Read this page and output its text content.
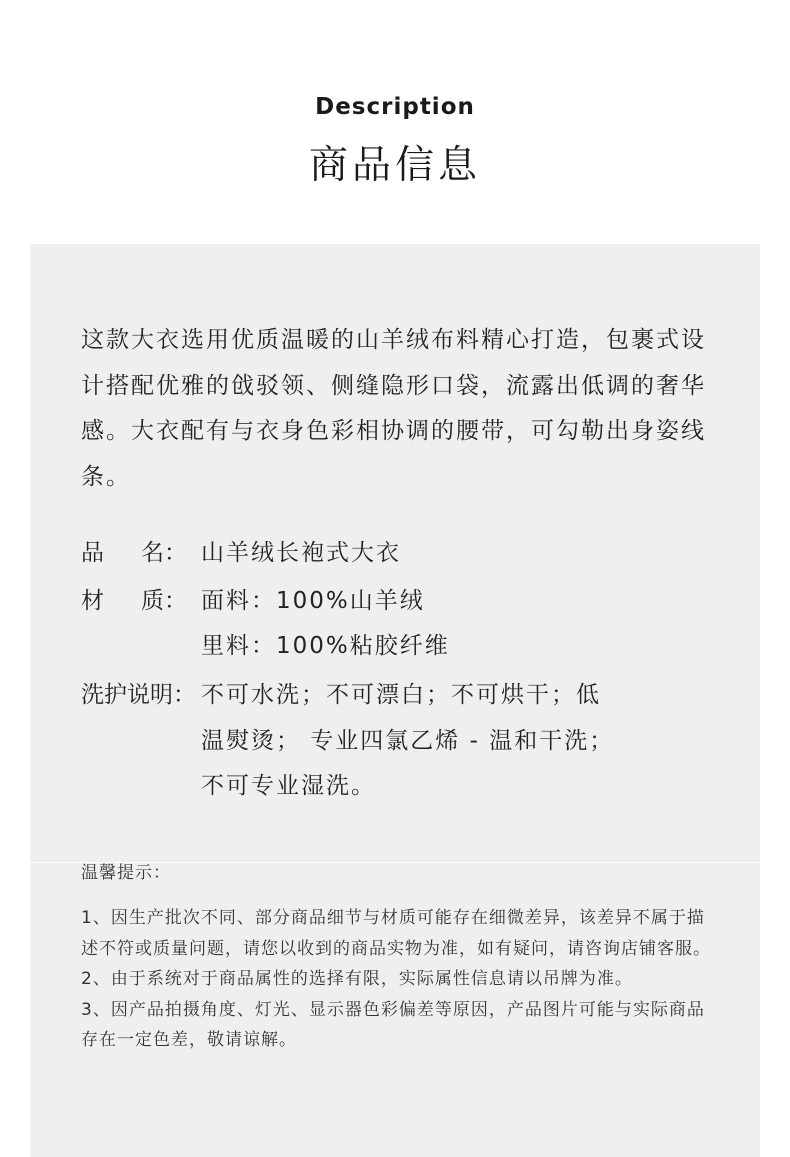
Description
商品信息
这款大衣选用优质温暖的山羊绒布料精心打造，包裹式设计搭配优雅的戗驳领、侧缝隐形口袋，流露出低调的奢华感。大衣配有与衣身色彩相协调的腰带，可勾勒出身姿线条。
品 名： 山羊绒长袍式大衣
材 质： 面料：100%山羊绒
里料：100%粘胶纤维
洗护说明： 不可水洗；不可漂白；不可烘干；低
温熨烫； 专业四氯乙烯 - 温和干洗；
不可专业湿洗。
温馨提示：
1、因生产批次不同、部分商品细节与材质可能存在细微差异，该差异不属于描述不符或质量问题，请您以收到的商品实物为准，如有疑问，请咨询店铺客服。
2、由于系统对于商品属性的选择有限，实际属性信息请以吊牌为准。
3、因产品拍摄角度、灯光、显示器色彩偏差等原因，产品图片可能与实际商品存在一定色差，敬请谅解。
